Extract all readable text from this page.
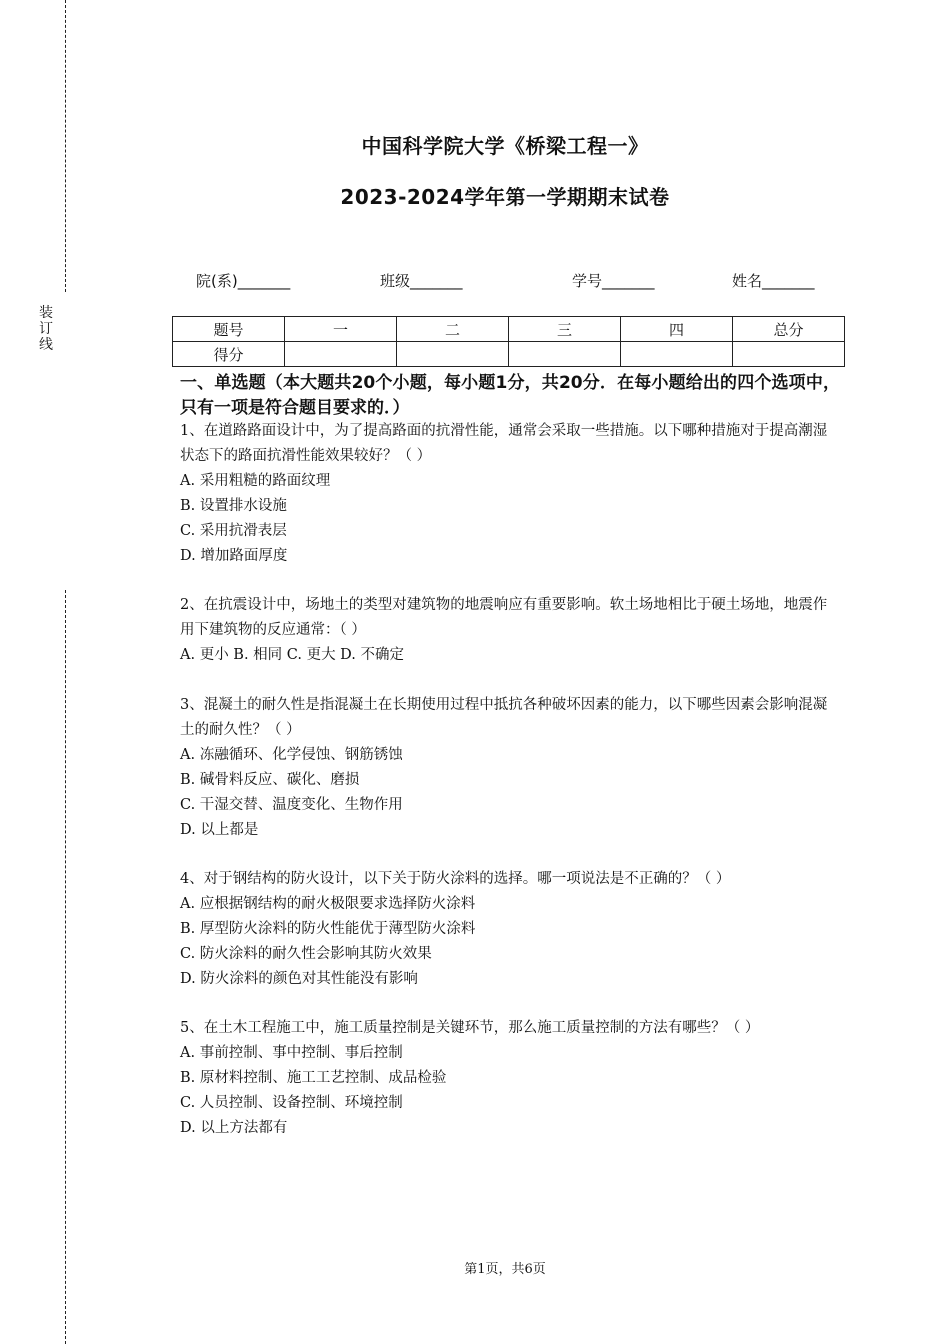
装订线
中国科学院大学《桥梁工程一》
2023-2024学年第一学期期末试卷
院(系)_______	班级_______	学号_______	姓名_______
题号	一	二	三	四	总分
得分					
一、单选题（本大题共20个小题，每小题1分，共20分．在每小题给出的四个选项中，只有一项是符合题目要求的．）

1、在道路路面设计中，为了提高路面的抗滑性能，通常会采取一些措施。以下哪种措施对于提高潮湿状态下的路面抗滑性能效果较好？（ ）

A. 采用粗糙的路面纹理

B. 设置排水设施

C. 采用抗滑表层

D. 增加路面厚度

2、在抗震设计中，场地土的类型对建筑物的地震响应有重要影响。软土场地相比于硬土场地，地震作用下建筑物的反应通常：（ ）

A. 更小 B. 相同 C. 更大 D. 不确定

3、混凝土的耐久性是指混凝土在长期使用过程中抵抗各种破坏因素的能力，以下哪些因素会影响混凝土的耐久性？（ ）

A. 冻融循环、化学侵蚀、钢筋锈蚀

B. 碱骨料反应、碳化、磨损

C. 干湿交替、温度变化、生物作用

D. 以上都是

4、对于钢结构的防火设计，以下关于防火涂料的选择。哪一项说法是不正确的？（ ）

A. 应根据钢结构的耐火极限要求选择防火涂料

B. 厚型防火涂料的防火性能优于薄型防火涂料

C. 防火涂料的耐久性会影响其防火效果

D. 防火涂料的颜色对其性能没有影响

5、在土木工程施工中，施工质量控制是关键环节，那么施工质量控制的方法有哪些？（ ）

A. 事前控制、事中控制、事后控制

B. 原材料控制、施工工艺控制、成品检验

C. 人员控制、设备控制、环境控制

D. 以上方法都有

第1页，共6页
